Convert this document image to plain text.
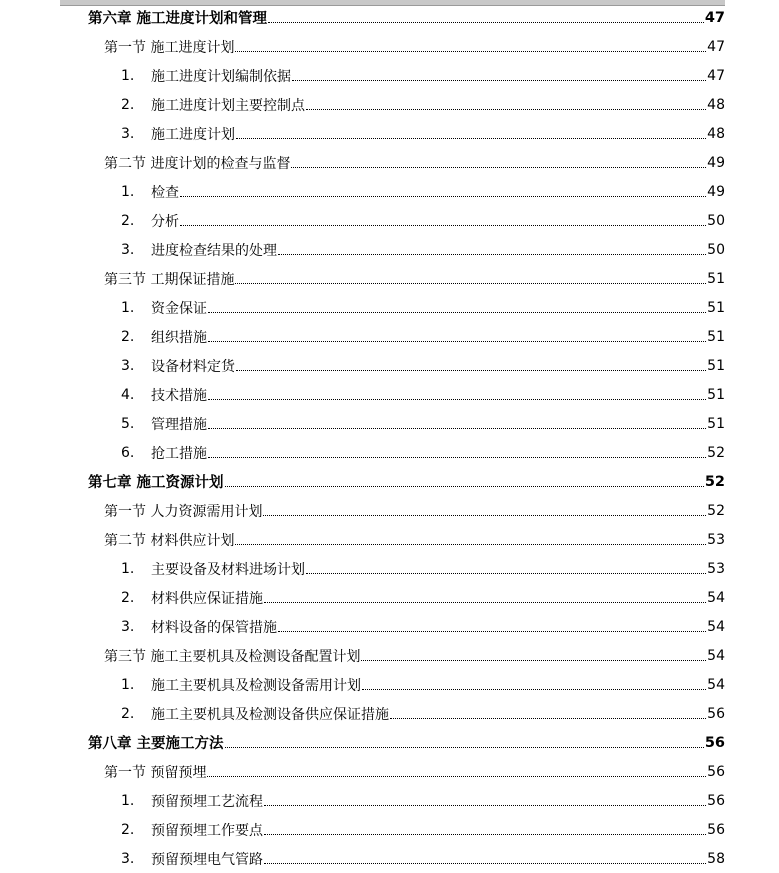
第六章 施工进度计划和管理	47
第一节 施工进度计划	47
1.	施工进度计划编制依据	47
2.	施工进度计划主要控制点	48
3.	施工进度计划	48
第二节 进度计划的检查与监督	49
1.	检查	49
2.	分析	50
3.	进度检查结果的处理	50
第三节 工期保证措施	51
1.	资金保证	51
2.	组织措施	51
3.	设备材料定货	51
4.	技术措施	51
5.	管理措施	51
6.	抢工措施	52
第七章 施工资源计划	52
第一节 人力资源需用计划	52
第二节 材料供应计划	53
1.	主要设备及材料进场计划	53
2.	材料供应保证措施	54
3.	材料设备的保管措施	54
第三节 施工主要机具及检测设备配置计划	54
1.	施工主要机具及检测设备需用计划	54
2.	施工主要机具及检测设备供应保证措施	56
第八章 主要施工方法	56
第一节 预留预埋	56
1.	预留预埋工艺流程	56
2.	预留预埋工作要点	56
3.	预留预埋电气管路	58
